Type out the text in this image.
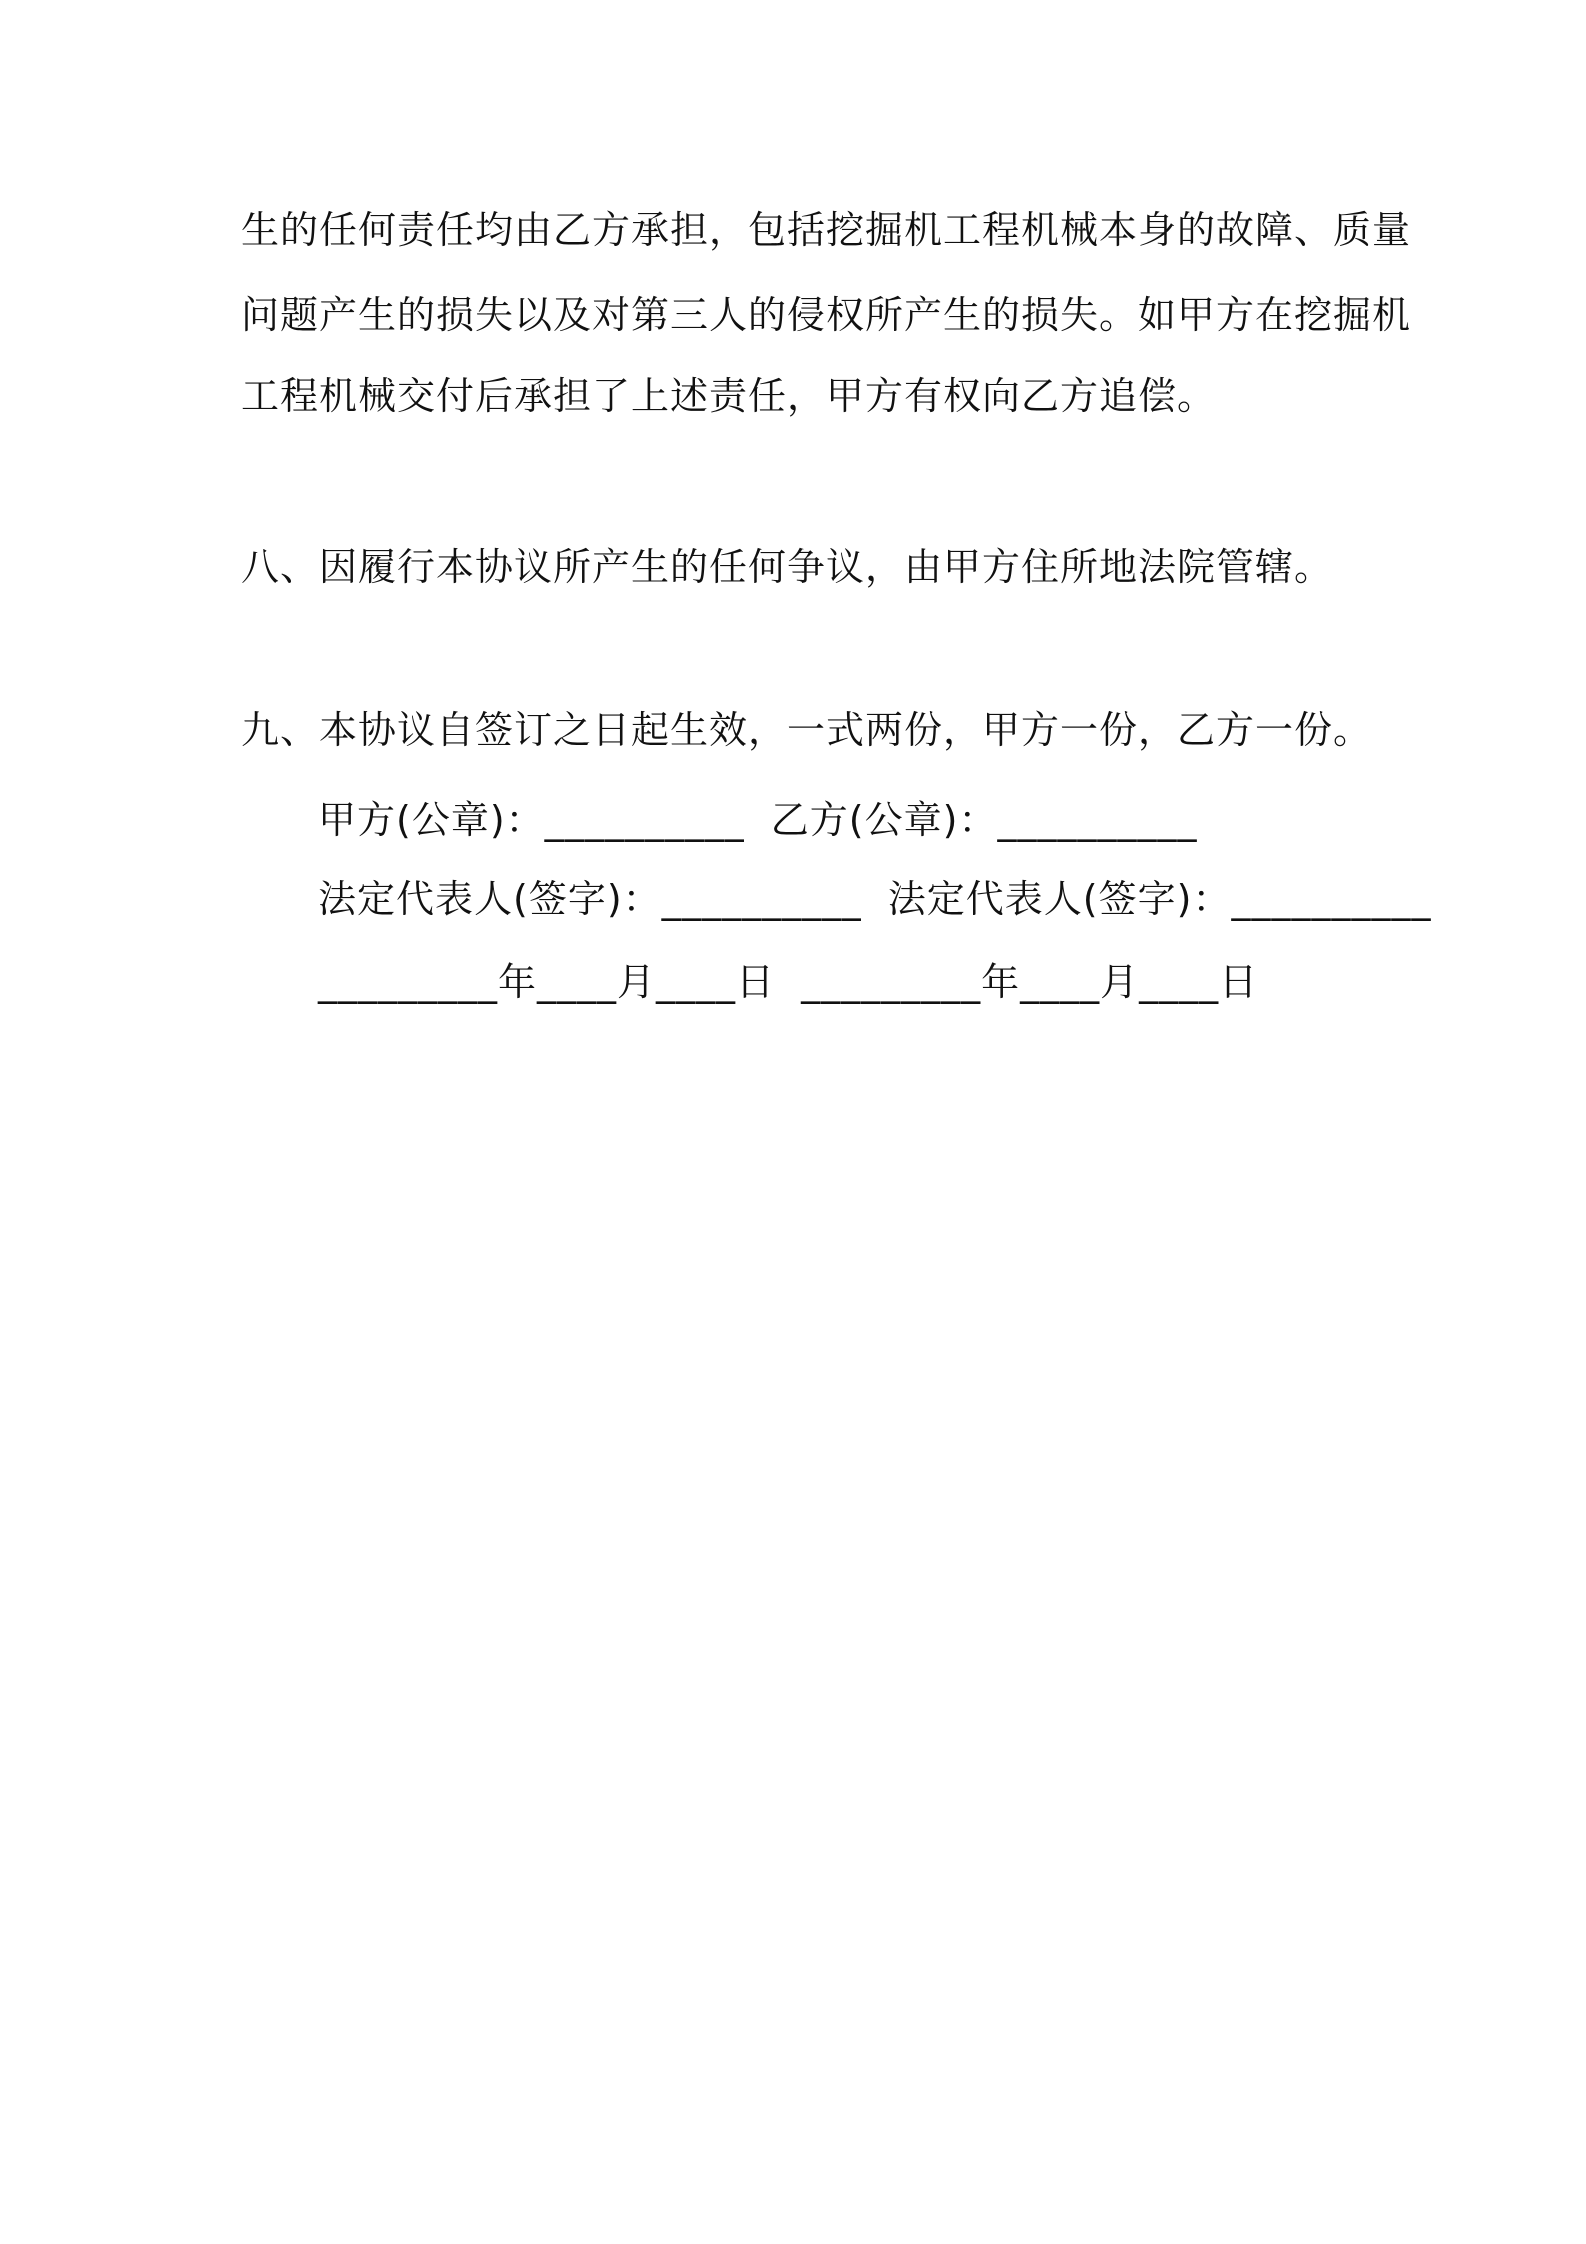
生的任何责任均由乙方承担，包括挖掘机工程机械本身的故障、质量
问题产生的损失以及对第三人的侵权所产生的损失。如甲方在挖掘机
工程机械交付后承担了上述责任，甲方有权向乙方追偿。
八、因履行本协议所产生的任何争议，由甲方住所地法院管辖。
九、本协议自签订之日起生效，一式两份，甲方一份，乙方一份。
甲方(公章)：__________  乙方(公章)：__________
法定代表人(签字)：__________  法定代表人(签字)：__________
_________年____月____日  _________年____月____日
